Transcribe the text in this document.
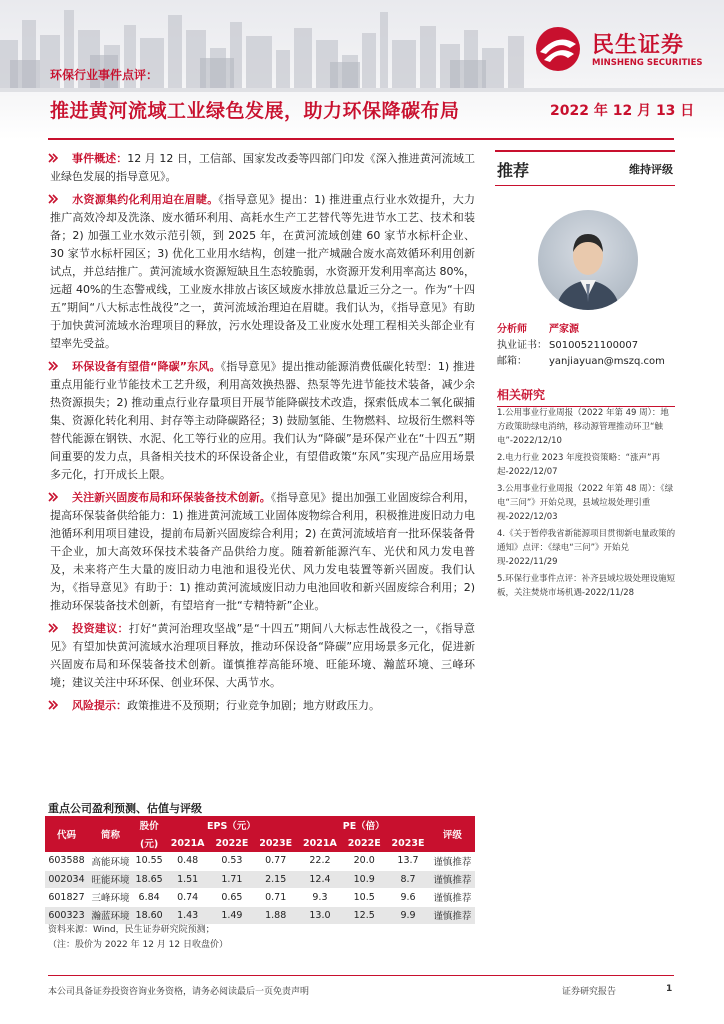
环保行业事件点评：
推进黄河流域工业绿色发展，助力环保降碳布局	2022 年 12 月 13 日
民生证券
MINSHENG SECURITIES
事件概述：12 月 12 日，工信部、国家发改委等四部门印发《深入推进黄河流域工业绿色发展的指导意见》。
水资源集约化利用迫在眉睫。《指导意见》提出：1) 推进重点行业水效提升，大力推广高效冷却及洗涤、废水循环利用、高耗水生产工艺替代等先进节水工艺、技术和装备；2) 加强工业水效示范引领，到 2025 年，在黄河流域创建 60 家节水标杆企业、30 家节水标杆园区；3) 优化工业用水结构，创建一批产城融合废水高效循环利用创新试点，并总结推广。黄河流域水资源短缺且生态较脆弱，水资源开发利用率高达 80%，远超 40%的生态警戒线，工业废水排放占该区域废水排放总量近三分之一。作为“十四五”期间“八大标志性战役”之一，黄河流域治理迫在眉睫。我们认为，《指导意见》有助于加快黄河流域水治理项目的释放，污水处理设备及工业废水处理工程相关头部企业有望率先受益。
环保设备有望借“降碳”东风。《指导意见》提出推动能源消费低碳化转型：1) 推进重点用能行业节能技术工艺升级，利用高效换热器、热泵等先进节能技术装备，减少余热资源损失；2) 推动重点行业存量项目开展节能降碳技术改造，探索低成本二氧化碳捕集、资源化转化利用、封存等主动降碳路径；3) 鼓励氢能、生物燃料、垃圾衍生燃料等替代能源在钢铁、水泥、化工等行业的应用。我们认为“降碳”是环保产业在“十四五”期间重要的发力点，具备相关技术的环保设备企业，有望借政策“东风”实现产品应用场景多元化，打开成长上限。
关注新兴固废布局和环保装备技术创新。《指导意见》提出加强工业固废综合利用，提高环保装备供给能力：1) 推进黄河流域工业固体废物综合利用，积极推进废旧动力电池循环利用项目建设，提前布局新兴固废综合利用；2) 在黄河流域培育一批环保装备骨干企业，加大高效环保技术装备产品供给力度。随着新能源汽车、光伏和风力发电普及，未来将产生大量的废旧动力电池和退役光伏、风力发电装置等新兴固废。我们认为，《指导意见》有助于：1) 推动黄河流域废旧动力电池回收和新兴固废综合利用；2) 推动环保装备技术创新，有望培育一批“专精特新”企业。
投资建议：打好“黄河治理攻坚战”是“十四五”期间八大标志性战役之一，《指导意见》有望加快黄河流域水治理项目释放，推动环保设备“降碳”应用场景多元化，促进新兴固废布局和环保装备技术创新。谨慎推荐高能环境、旺能环境、瀚蓝环境、三峰环境；建议关注中环环保、创业环保、大禹节水。
风险提示：政策推进不及预期；行业竞争加剧；地方财政压力。
推荐	维持评级
分析师 严家源
执业证书： S0100521100007
邮箱： yanjiayuan@mszq.com
相关研究
1.公用事业行业周报（2022 年第 49 周）：地方政策助绿电消纳，移动源管理推动环卫“触电”-2022/12/10
2.电力行业 2023 年度投资策略：“涨声”再起-2022/12/07
3.公用事业行业周报（2022 年第 48 周）：《绿电“三问”》开始兑现，县域垃圾处理引重视-2022/12/03
4.《关于暂停我省新能源项目贯彻新电量政策的通知》点评：《绿电“三问”》开始兑现-2022/11/29
5.环保行业事件点评：补齐县域垃圾处理设施短板，关注焚烧市场机遇-2022/11/28
重点公司盈利预测、估值与评级
代码	简称	股价	EPS（元）			PE（倍）			评级
		(元)	2021A	2022E	2023E	2021A	2022E	2023E	
603588	高能环境	10.55	0.48	0.53	0.77	22.2	20.0	13.7	谨慎推荐
002034	旺能环境	18.65	1.51	1.71	2.15	12.4	10.9	8.7	谨慎推荐
601827	三峰环境	6.84	0.74	0.65	0.71	9.3	10.5	9.6	谨慎推荐
600323	瀚蓝环境	18.60	1.43	1.49	1.88	13.0	12.5	9.9	谨慎推荐
资料来源：Wind，民生证券研究院预测；
（注：股价为 2022 年 12 月 12 日收盘价）
本公司具备证券投资咨询业务资格，请务必阅读最后一页免责声明	证券研究报告	1
